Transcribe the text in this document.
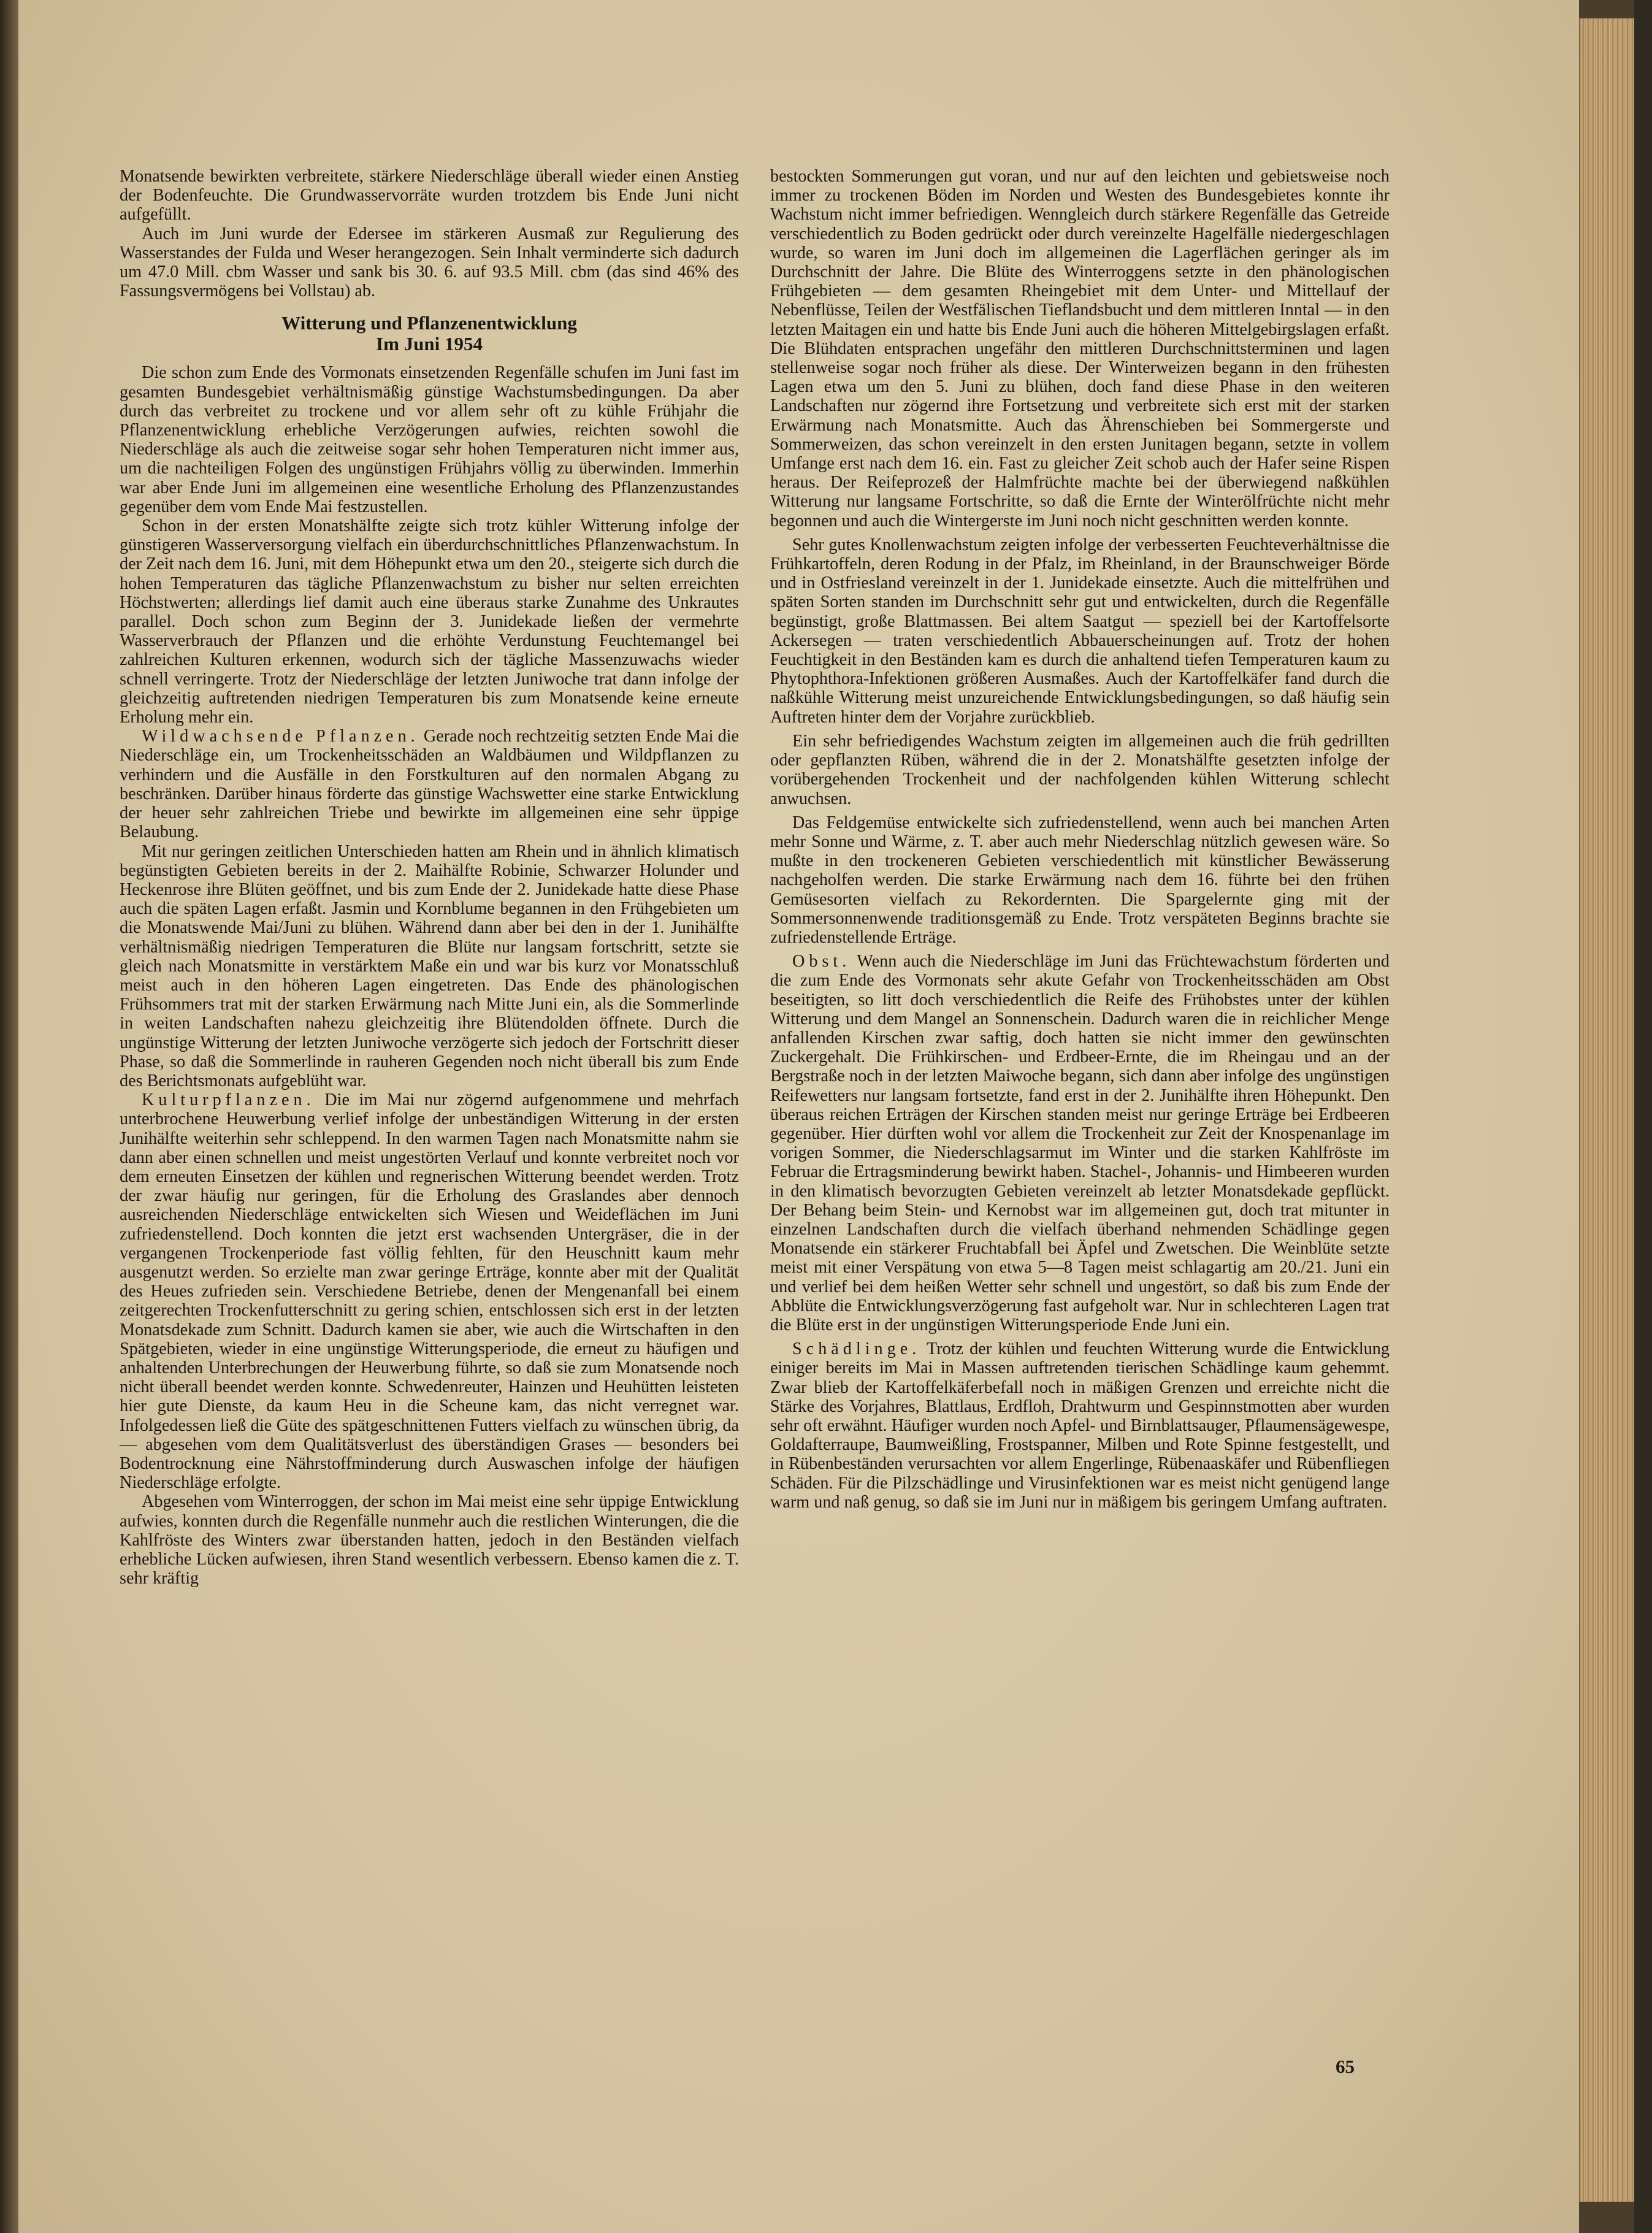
Monatsende bewirkten verbreitete, stärkere Niederschläge überall wieder einen Anstieg der Bodenfeuchte. Die Grundwasservorräte wurden trotzdem bis Ende Juni nicht aufgefüllt.

Auch im Juni wurde der Edersee im stärkeren Ausmaß zur Regulierung des Wasserstandes der Fulda und Weser herangezogen. Sein Inhalt verminderte sich dadurch um 47.0 Mill. cbm Wasser und sank bis 30. 6. auf 93.5 Mill. cbm (das sind 46% des Fassungsvermögens bei Vollstau) ab.

Witterung und Pflanzenentwicklung
Im Juni 1954

Die schon zum Ende des Vormonats einsetzenden Regenfälle schufen im Juni fast im gesamten Bundesgebiet verhältnismäßig günstige Wachstumsbedingungen. Da aber durch das verbreitet zu trockene und vor allem sehr oft zu kühle Frühjahr die Pflanzenentwicklung erhebliche Verzögerungen aufwies, reichten sowohl die Niederschläge als auch die zeitweise sogar sehr hohen Temperaturen nicht immer aus, um die nachteiligen Folgen des ungünstigen Frühjahrs völlig zu überwinden. Immerhin war aber Ende Juni im allgemeinen eine wesentliche Erholung des Pflanzenzustandes gegenüber dem vom Ende Mai festzustellen.

Schon in der ersten Monatshälfte zeigte sich trotz kühler Witterung infolge der günstigeren Wasserversorgung vielfach ein überdurchschnittliches Pflanzenwachstum. In der Zeit nach dem 16. Juni, mit dem Höhepunkt etwa um den 20., steigerte sich durch die hohen Temperaturen das tägliche Pflanzenwachstum zu bisher nur selten erreichten Höchstwerten; allerdings lief damit auch eine überaus starke Zunahme des Unkrautes parallel. Doch schon zum Beginn der 3. Junidekade ließen der vermehrte Wasserverbrauch der Pflanzen und die erhöhte Verdunstung Feuchtemangel bei zahlreichen Kulturen erkennen, wodurch sich der tägliche Massenzuwachs wieder schnell verringerte. Trotz der Niederschläge der letzten Juniwoche trat dann infolge der gleichzeitig auftretenden niedrigen Temperaturen bis zum Monatsende keine erneute Erholung mehr ein.

Wildwachsende Pflanzen. Gerade noch rechtzeitig setzten Ende Mai die Niederschläge ein, um Trockenheitsschäden an Waldbäumen und Wildpflanzen zu verhindern und die Ausfälle in den Forstkulturen auf den normalen Abgang zu beschränken. Darüber hinaus förderte das günstige Wachswetter eine starke Entwicklung der heuer sehr zahlreichen Triebe und bewirkte im allgemeinen eine sehr üppige Belaubung.

Mit nur geringen zeitlichen Unterschieden hatten am Rhein und in ähnlich klimatisch begünstigten Gebieten bereits in der 2. Maihälfte Robinie, Schwarzer Holunder und Heckenrose ihre Blüten geöffnet, und bis zum Ende der 2. Junidekade hatte diese Phase auch die späten Lagen erfaßt. Jasmin und Kornblume begannen in den Frühgebieten um die Monatswende Mai/Juni zu blühen. Während dann aber bei den in der 1. Junihälfte verhältnismäßig niedrigen Temperaturen die Blüte nur langsam fortschritt, setzte sie gleich nach Monatsmitte in verstärktem Maße ein und war bis kurz vor Monatsschluß meist auch in den höheren Lagen eingetreten. Das Ende des phänologischen Frühsommers trat mit der starken Erwärmung nach Mitte Juni ein, als die Sommerlinde in weiten Landschaften nahezu gleichzeitig ihre Blütendolden öffnete. Durch die ungünstige Witterung der letzten Juniwoche verzögerte sich jedoch der Fortschritt dieser Phase, so daß die Sommerlinde in rauheren Gegenden noch nicht überall bis zum Ende des Berichtsmonats aufgeblüht war.

Kulturpflanzen. Die im Mai nur zögernd aufgenommene und mehrfach unterbrochene Heuwerbung verlief infolge der unbeständigen Witterung in der ersten Junihälfte weiterhin sehr schleppend. In den warmen Tagen nach Monatsmitte nahm sie dann aber einen schnellen und meist ungestörten Verlauf und konnte verbreitet noch vor dem erneuten Einsetzen der kühlen und regnerischen Witterung beendet werden. Trotz der zwar häufig nur geringen, für die Erholung des Graslandes aber dennoch ausreichenden Niederschläge entwickelten sich Wiesen und Weideflächen im Juni zufriedenstellend. Doch konnten die jetzt erst wachsenden Untergräser, die in der vergangenen Trockenperiode fast völlig fehlten, für den Heuschnitt kaum mehr ausgenutzt werden. So erzielte man zwar geringe Erträge, konnte aber mit der Qualität des Heues zufrieden sein. Verschiedene Betriebe, denen der Mengenanfall bei einem zeitgerechten Trockenfutterschnitt zu gering schien, entschlossen sich erst in der letzten Monatsdekade zum Schnitt. Dadurch kamen sie aber, wie auch die Wirtschaften in den Spätgebieten, wieder in eine ungünstige Witterungsperiode, die erneut zu häufigen und anhaltenden Unterbrechungen der Heuwerbung führte, so daß sie zum Monatsende noch nicht überall beendet werden konnte. Schwedenreuter, Hainzen und Heuhütten leisteten hier gute Dienste, da kaum Heu in die Scheune kam, das nicht verregnet war. Infolgedessen ließ die Güte des spätgeschnittenen Futters vielfach zu wünschen übrig, da — abgesehen vom dem Qualitätsverlust des überständigen Grases — besonders bei Bodentrocknung eine Nährstoffminderung durch Auswaschen infolge der häufigen Niederschläge erfolgte.

Abgesehen vom Winterroggen, der schon im Mai meist eine sehr üppige Entwicklung aufwies, konnten durch die Regenfälle nunmehr auch die restlichen Winterungen, die die Kahlfröste des Winters zwar überstanden hatten, jedoch in den Beständen vielfach erhebliche Lücken aufwiesen, ihren Stand wesentlich verbessern. Ebenso kamen die z. T. sehr kräftig

bestockten Sommerungen gut voran, und nur auf den leichten und gebietsweise noch immer zu trockenen Böden im Norden und Westen des Bundesgebietes konnte ihr Wachstum nicht immer befriedigen. Wenngleich durch stärkere Regenfälle das Getreide verschiedentlich zu Boden gedrückt oder durch vereinzelte Hagelfälle niedergeschlagen wurde, so waren im Juni doch im allgemeinen die Lagerflächen geringer als im Durchschnitt der Jahre. Die Blüte des Winterroggens setzte in den phänologischen Frühgebieten — dem gesamten Rheingebiet mit dem Unter- und Mittellauf der Nebenflüsse, Teilen der Westfälischen Tieflandsbucht und dem mittleren Inntal — in den letzten Maitagen ein und hatte bis Ende Juni auch die höheren Mittelgebirgslagen erfaßt. Die Blühdaten entsprachen ungefähr den mittleren Durchschnittsterminen und lagen stellenweise sogar noch früher als diese. Der Winterweizen begann in den frühesten Lagen etwa um den 5. Juni zu blühen, doch fand diese Phase in den weiteren Landschaften nur zögernd ihre Fortsetzung und verbreitete sich erst mit der starken Erwärmung nach Monatsmitte. Auch das Ährenschieben bei Sommergerste und Sommerweizen, das schon vereinzelt in den ersten Junitagen begann, setzte in vollem Umfange erst nach dem 16. ein. Fast zu gleicher Zeit schob auch der Hafer seine Rispen heraus. Der Reifeprozeß der Halmfrüchte machte bei der überwiegend naßkühlen Witterung nur langsame Fortschritte, so daß die Ernte der Winterölfrüchte nicht mehr begonnen und auch die Wintergerste im Juni noch nicht geschnitten werden konnte.

Sehr gutes Knollenwachstum zeigten infolge der verbesserten Feuchteverhältnisse die Frühkartoffeln, deren Rodung in der Pfalz, im Rheinland, in der Braunschweiger Börde und in Ostfriesland vereinzelt in der 1. Junidekade einsetzte. Auch die mittelfrühen und späten Sorten standen im Durchschnitt sehr gut und entwickelten, durch die Regenfälle begünstigt, große Blattmassen. Bei altem Saatgut — speziell bei der Kartoffelsorte Ackersegen — traten verschiedentlich Abbauerscheinungen auf. Trotz der hohen Feuchtigkeit in den Beständen kam es durch die anhaltend tiefen Temperaturen kaum zu Phytophthora-Infektionen größeren Ausmaßes. Auch der Kartoffelkäfer fand durch die naßkühle Witterung meist unzureichende Entwicklungsbedingungen, so daß häufig sein Auftreten hinter dem der Vorjahre zurückblieb.

Ein sehr befriedigendes Wachstum zeigten im allgemeinen auch die früh gedrillten oder gepflanzten Rüben, während die in der 2. Monatshälfte gesetzten infolge der vorübergehenden Trockenheit und der nachfolgenden kühlen Witterung schlecht anwuchsen.

Das Feldgemüse entwickelte sich zufriedenstellend, wenn auch bei manchen Arten mehr Sonne und Wärme, z. T. aber auch mehr Niederschlag nützlich gewesen wäre. So mußte in den trockeneren Gebieten verschiedentlich mit künstlicher Bewässerung nachgeholfen werden. Die starke Erwärmung nach dem 16. führte bei den frühen Gemüsesorten vielfach zu Rekordernten. Die Spargelernte ging mit der Sommersonnenwende traditionsgemäß zu Ende. Trotz verspäteten Beginns brachte sie zufriedenstellende Erträge.

Obst. Wenn auch die Niederschläge im Juni das Früchtewachstum förderten und die zum Ende des Vormonats sehr akute Gefahr von Trockenheitsschäden am Obst beseitigten, so litt doch verschiedentlich die Reife des Frühobstes unter der kühlen Witterung und dem Mangel an Sonnenschein. Dadurch waren die in reichlicher Menge anfallenden Kirschen zwar saftig, doch hatten sie nicht immer den gewünschten Zuckergehalt. Die Frühkirschen- und Erdbeer-Ernte, die im Rheingau und an der Bergstraße noch in der letzten Maiwoche begann, sich dann aber infolge des ungünstigen Reifewetters nur langsam fortsetzte, fand erst in der 2. Junihälfte ihren Höhepunkt. Den überaus reichen Erträgen der Kirschen standen meist nur geringe Erträge bei Erdbeeren gegenüber. Hier dürften wohl vor allem die Trockenheit zur Zeit der Knospenanlage im vorigen Sommer, die Niederschlagsarmut im Winter und die starken Kahlfröste im Februar die Ertragsminderung bewirkt haben. Stachel-, Johannis- und Himbeeren wurden in den klimatisch bevorzugten Gebieten vereinzelt ab letzter Monatsdekade gepflückt. Der Behang beim Stein- und Kernobst war im allgemeinen gut, doch trat mitunter in einzelnen Landschaften durch die vielfach überhand nehmenden Schädlinge gegen Monatsende ein stärkerer Fruchtabfall bei Äpfel und Zwetschen. Die Weinblüte setzte meist mit einer Verspätung von etwa 5—8 Tagen meist schlagartig am 20./21. Juni ein und verlief bei dem heißen Wetter sehr schnell und ungestört, so daß bis zum Ende der Abblüte die Entwicklungsverzögerung fast aufgeholt war. Nur in schlechteren Lagen trat die Blüte erst in der ungünstigen Witterungsperiode Ende Juni ein.

Schädlinge. Trotz der kühlen und feuchten Witterung wurde die Entwicklung einiger bereits im Mai in Massen auftretenden tierischen Schädlinge kaum gehemmt. Zwar blieb der Kartoffelkäferbefall noch in mäßigen Grenzen und erreichte nicht die Stärke des Vorjahres, Blattlaus, Erdfloh, Drahtwurm und Gespinnstmotten aber wurden sehr oft erwähnt. Häufiger wurden noch Apfel- und Birnblattsauger, Pflaumensägewespe, Goldafterraupe, Baumweißling, Frostspanner, Milben und Rote Spinne festgestellt, und in Rübenbeständen verursachten vor allem Engerlinge, Rübenaaskäfer und Rübenfliegen Schäden. Für die Pilzschädlinge und Virusinfektionen war es meist nicht genügend lange warm und naß genug, so daß sie im Juni nur in mäßigem bis geringem Umfang auftraten.

65
